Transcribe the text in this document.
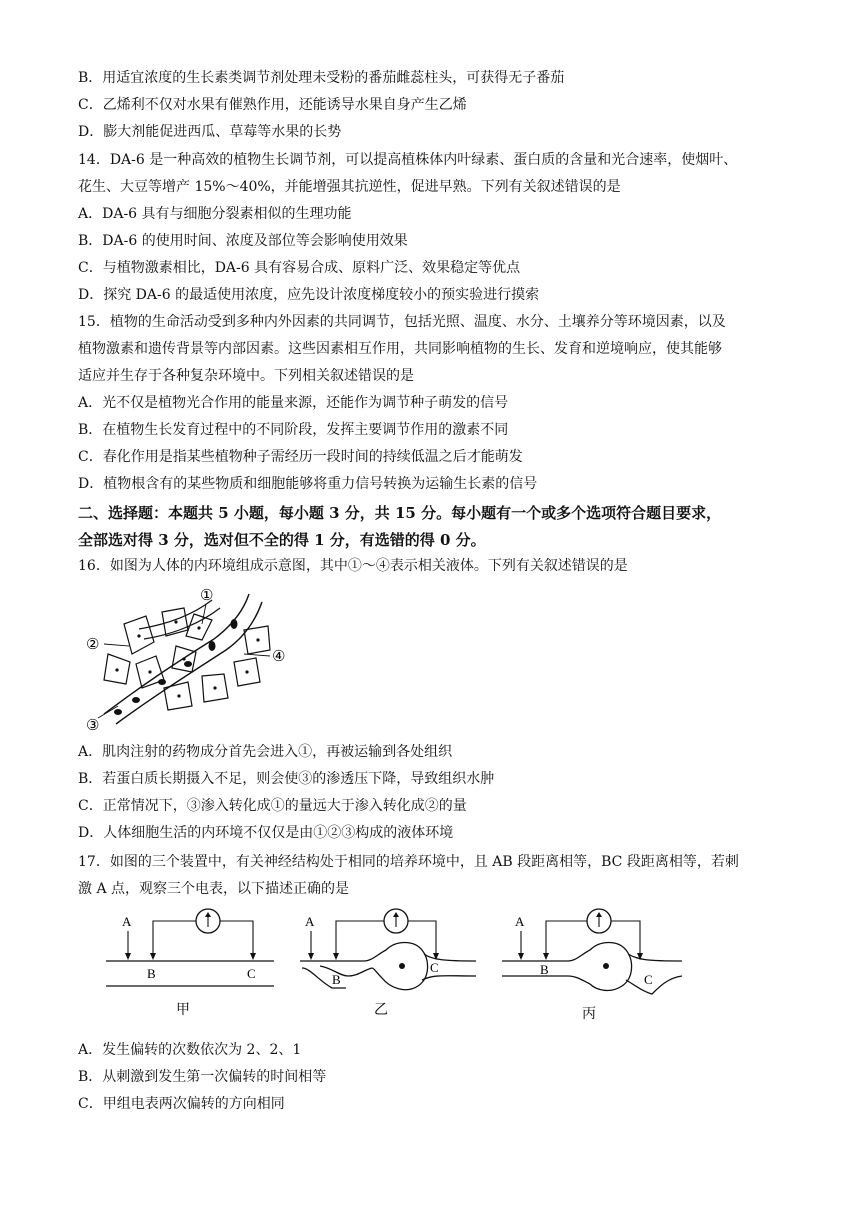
B．用适宜浓度的生长素类调节剂处理未受粉的番茄雌蕊柱头，可获得无子番茄
C．乙烯利不仅对水果有催熟作用，还能诱导水果自身产生乙烯
D．膨大剂能促进西瓜、草莓等水果的长势
14．DA-6 是一种高效的植物生长调节剂，可以提高植株体内叶绿素、蛋白质的含量和光合速率，使烟叶、
花生、大豆等增产 15%～40%，并能增强其抗逆性，促进早熟。下列有关叙述错误的是
A．DA-6 具有与细胞分裂素相似的生理功能
B．DA-6 的使用时间、浓度及部位等会影响使用效果
C．与植物激素相比，DA-6 具有容易合成、原料广泛、效果稳定等优点
D．探究 DA-6 的最适使用浓度，应先设计浓度梯度较小的预实验进行摸索
15．植物的生命活动受到多种内外因素的共同调节，包括光照、温度、水分、土壤养分等环境因素，以及
植物激素和遗传背景等内部因素。这些因素相互作用，共同影响植物的生长、发育和逆境响应，使其能够
适应并生存于各种复杂环境中。下列相关叙述错误的是
A．光不仅是植物光合作用的能量来源，还能作为调节种子萌发的信号
B．在植物生长发育过程中的不同阶段，发挥主要调节作用的激素不同
C．春化作用是指某些植物种子需经历一段时间的持续低温之后才能萌发
D．植物根含有的某些物质和细胞能够将重力信号转换为运输生长素的信号
二、选择题：本题共 5 小题，每小题 3 分，共 15 分。每小题有一个或多个选项符合题目要求，
全部选对得 3 分，选对但不全的得 1 分，有选错的得 0 分。
16．如图为人体的内环境组成示意图，其中①～④表示相关液体。下列有关叙述错误的是
①
②
④
③
A．肌肉注射的药物成分首先会进入①，再被运输到各处组织
B．若蛋白质长期摄入不足，则会使③的渗透压下降，导致组织水肿
C．正常情况下，③渗入转化成①的量远大于渗入转化成②的量
D．人体细胞生活的内环境不仅仅是由①②③构成的液体环境
17．如图的三个装置中，有关神经结构处于相同的培养环境中，且 AB 段距离相等，BC 段距离相等，若刺
激 A 点，观察三个电表，以下描述正确的是
A
B	C
甲
A
B
C
乙
A
B
C
丙
A．发生偏转的次数依次为 2、2、1
B．从刺激到发生第一次偏转的时间相等
C．甲组电表两次偏转的方向相同
